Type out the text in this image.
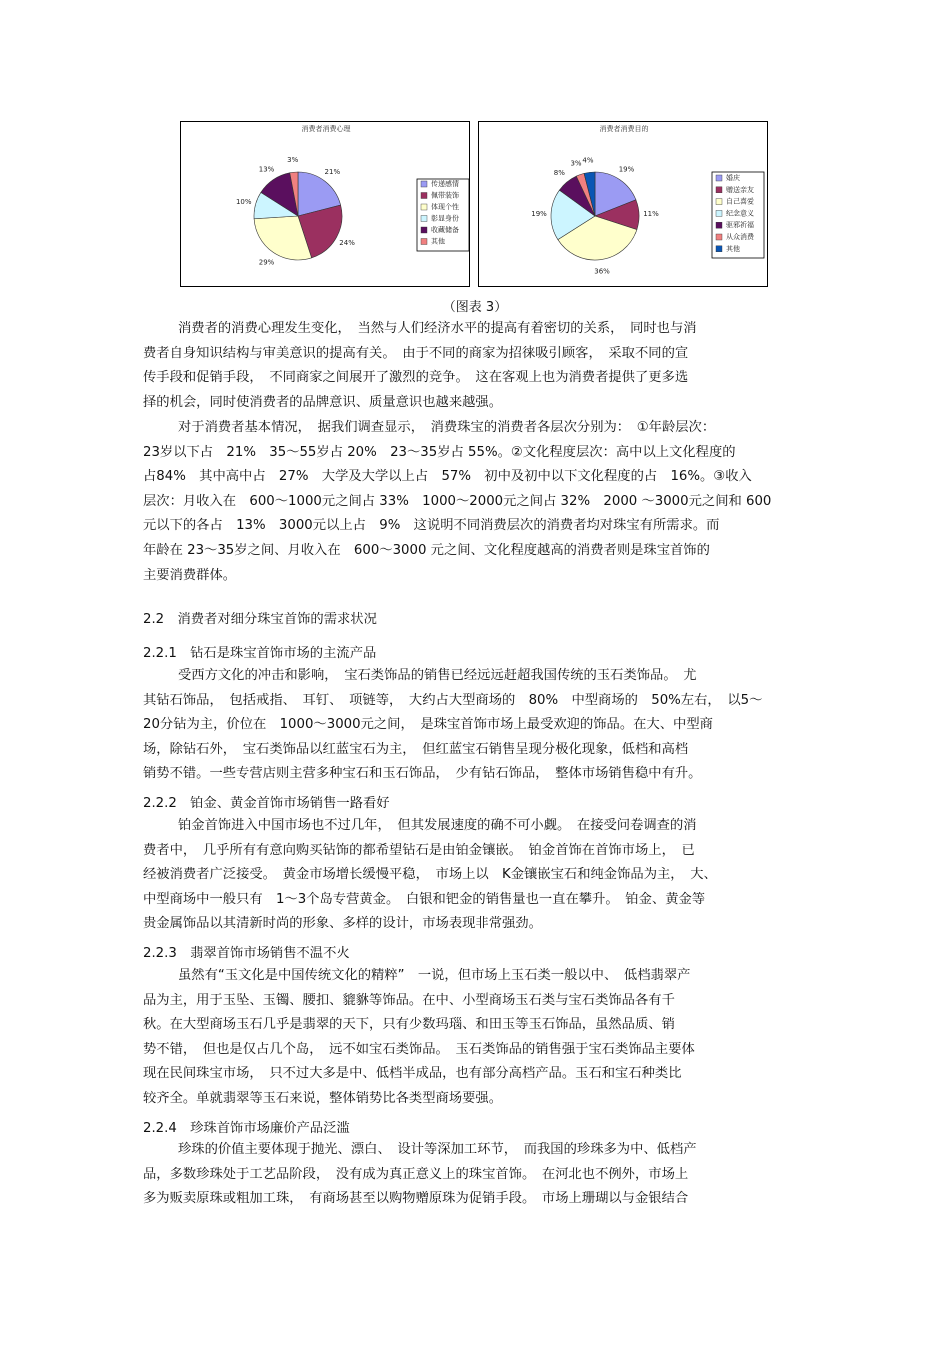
消费者消费心理
21%
24%
29%
10%
13%
3%
传递感情
佩带装饰
体现个性
彰显身份
收藏储备
其他
消费者消费目的
19%
11%
36%
19%
8%
3% 4%
婚庆
赠送亲友
自己喜爱
纪念意义
驱邪祈福
从众消费
其他
（图表 3）
消费者的消费心理发生变化，　当然与人们经济水平的提高有着密切的关系，　同时也与消
费者自身知识结构与审美意识的提高有关。　由于不同的商家为招徕吸引顾客，　采取不同的宣
传手段和促销手段，　不同商家之间展开了激烈的竞争。　这在客观上也为消费者提供了更多选
择的机会，同时使消费者的品牌意识、质量意识也越来越强。
对于消费者基本情况，　据我们调查显示，　消费珠宝的消费者各层次分别为：　①年龄层次：
23岁以下占　21%　35～55岁占 20%　23～35岁占 55%。②文化程度层次：高中以上文化程度的
占84%　其中高中占　27%　大学及大学以上占　57%　初中及初中以下文化程度的占　16%。③收入
层次：月收入在　600～1000元之间占 33%　1000～2000元之间占 32%　2000 ～3000元之间和 600
元以下的各占　13%　3000元以上占　9%　这说明不同消费层次的消费者均对珠宝有所需求。而
年龄在 23～35岁之间、月收入在　600～3000 元之间、文化程度越高的消费者则是珠宝首饰的
主要消费群体。
2.2　消费者对细分珠宝首饰的需求状况
2.2.1　钻石是珠宝首饰市场的主流产品
受西方文化的冲击和影响，　宝石类饰品的销售已经远远赶超我国传统的玉石类饰品。　尤
其钻石饰品，　包括戒指、　耳钉、　项链等，　大约占大型商场的　80%　中型商场的　50%左右，　以5～
20分钻为主，价位在　1000～3000元之间，　是珠宝首饰市场上最受欢迎的饰品。在大、中型商
场，除钻石外，　宝石类饰品以红蓝宝石为主，　但红蓝宝石销售呈现分极化现象，低档和高档
销势不错。一些专营店则主营多种宝石和玉石饰品，　少有钻石饰品，　整体市场销售稳中有升。
2.2.2　铂金、黄金首饰市场销售一路看好
铂金首饰进入中国市场也不过几年，　但其发展速度的确不可小觑。　在接受问卷调查的消
费者中，　几乎所有有意向购买钻饰的都希望钻石是由铂金镶嵌。　铂金首饰在首饰市场上，　已
经被消费者广泛接受。　黄金市场增长缓慢平稳，　市场上以　K金镶嵌宝石和纯金饰品为主，　大、
中型商场中一般只有　1～3个岛专营黄金。　白银和钯金的销售量也一直在攀升。　铂金、黄金等
贵金属饰品以其清新时尚的形象、多样的设计，市场表现非常强劲。
2.2.3　翡翠首饰市场销售不温不火
虽然有“玉文化是中国传统文化的精粹”　一说，但市场上玉石类一般以中、　低档翡翠产
品为主，用于玉坠、玉镯、腰扣、貔貅等饰品。在中、小型商场玉石类与宝石类饰品各有千
秋。在大型商场玉石几乎是翡翠的天下，只有少数玛瑙、和田玉等玉石饰品，虽然品质、销
势不错，　但也是仅占几个岛，　远不如宝石类饰品。　玉石类饰品的销售强于宝石类饰品主要体
现在民间珠宝市场，　只不过大多是中、低档半成品，也有部分高档产品。玉石和宝石种类比
较齐全。单就翡翠等玉石来说，整体销势比各类型商场要强。
2.2.4　珍珠首饰市场廉价产品泛滥
珍珠的价值主要体现于抛光、漂白、　设计等深加工环节，　而我国的珍珠多为中、低档产
品，多数珍珠处于工艺品阶段，　没有成为真正意义上的珠宝首饰。　在河北也不例外，市场上
多为贩卖原珠或粗加工珠，　有商场甚至以购物赠原珠为促销手段。　市场上珊瑚以与金银结合
